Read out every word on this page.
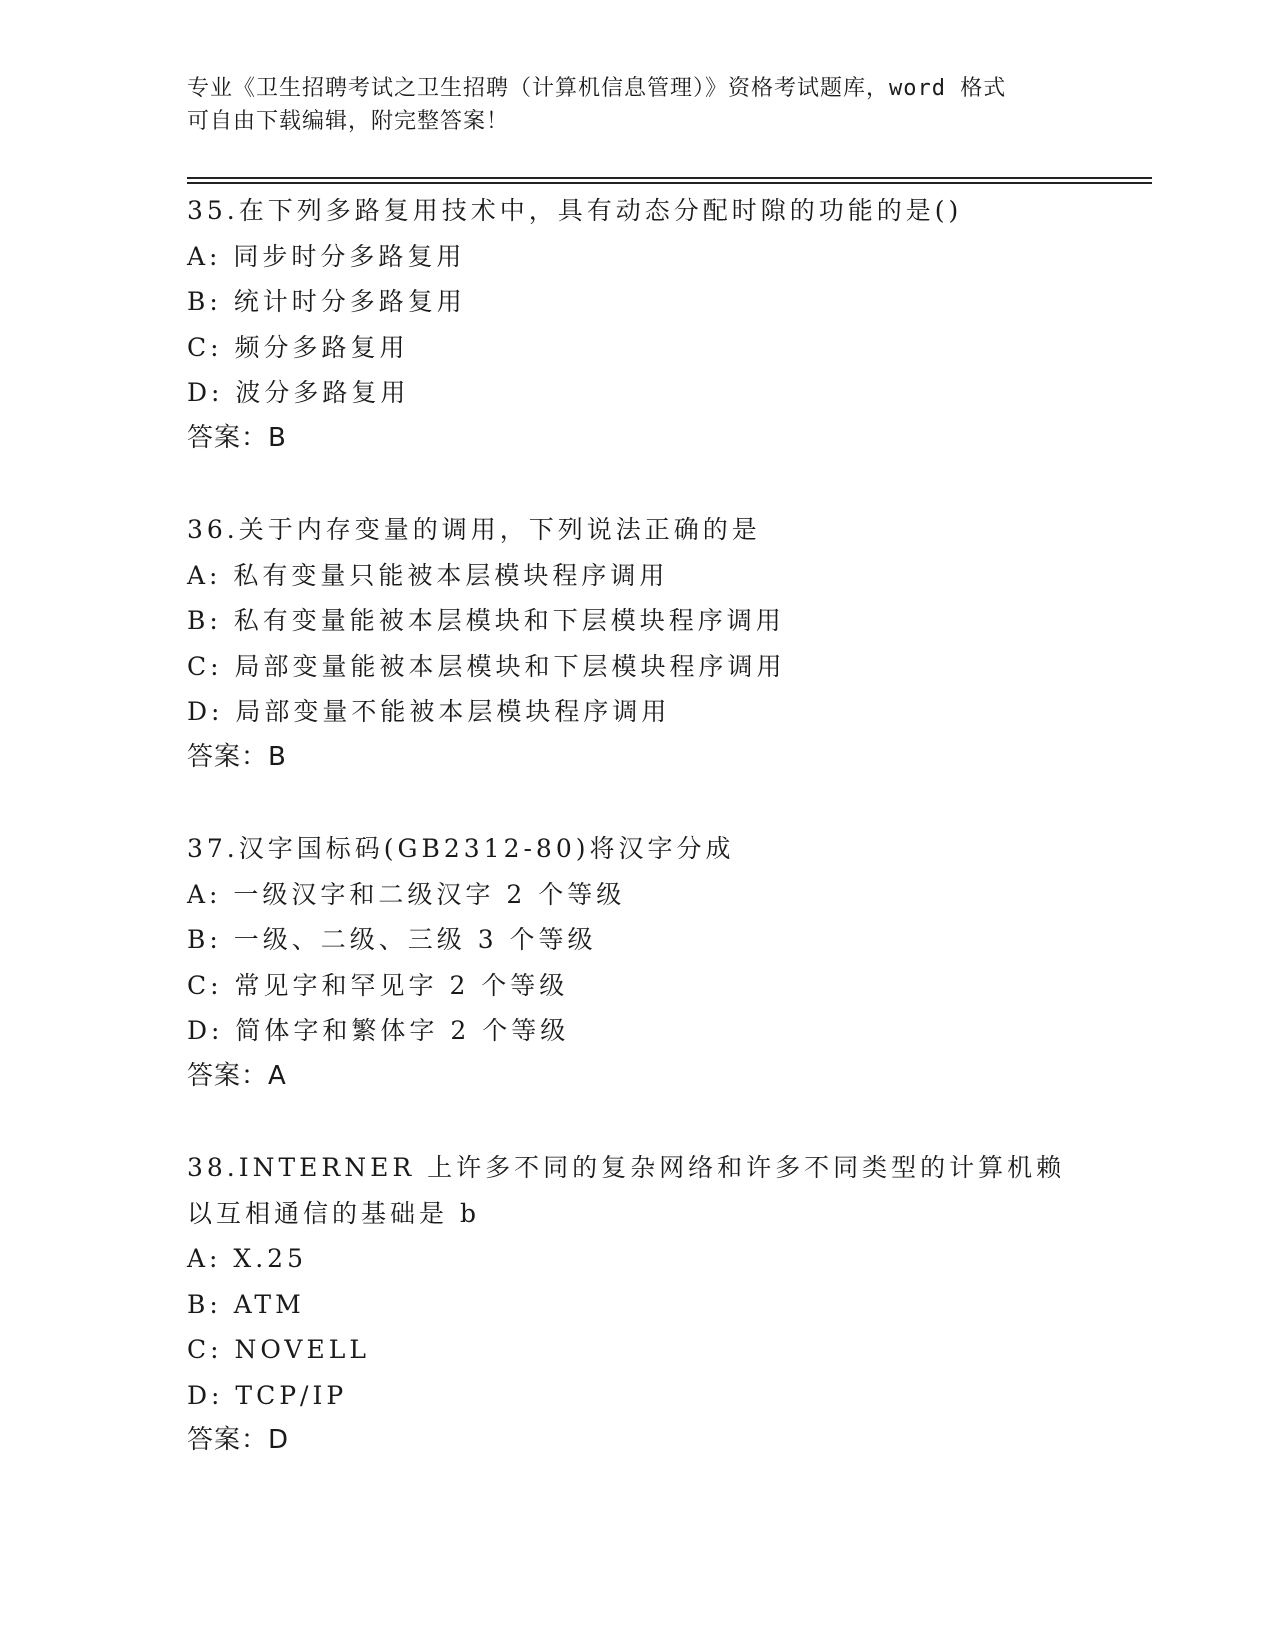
专业《卫生招聘考试之卫生招聘（计算机信息管理）》资格考试题库，word 格式
可自由下载编辑，附完整答案！
35.在下列多路复用技术中，具有动态分配时隙的功能的是()
A: 同步时分多路复用
B: 统计时分多路复用
C: 频分多路复用
D: 波分多路复用
答案：B
36.关于内存变量的调用，下列说法正确的是
A: 私有变量只能被本层模块程序调用
B: 私有变量能被本层模块和下层模块程序调用
C: 局部变量能被本层模块和下层模块程序调用
D: 局部变量不能被本层模块程序调用
答案：B
37.汉字国标码(GB2312-80)将汉字分成
A: 一级汉字和二级汉字 2 个等级
B: 一级、二级、三级 3 个等级
C: 常见字和罕见字 2 个等级
D: 简体字和繁体字 2 个等级
答案：A
38.INTERNER 上许多不同的复杂网络和许多不同类型的计算机赖以互相通信的基础是 b
A: X.25
B: ATM
C: NOVELL
D: TCP/IP
答案：D
